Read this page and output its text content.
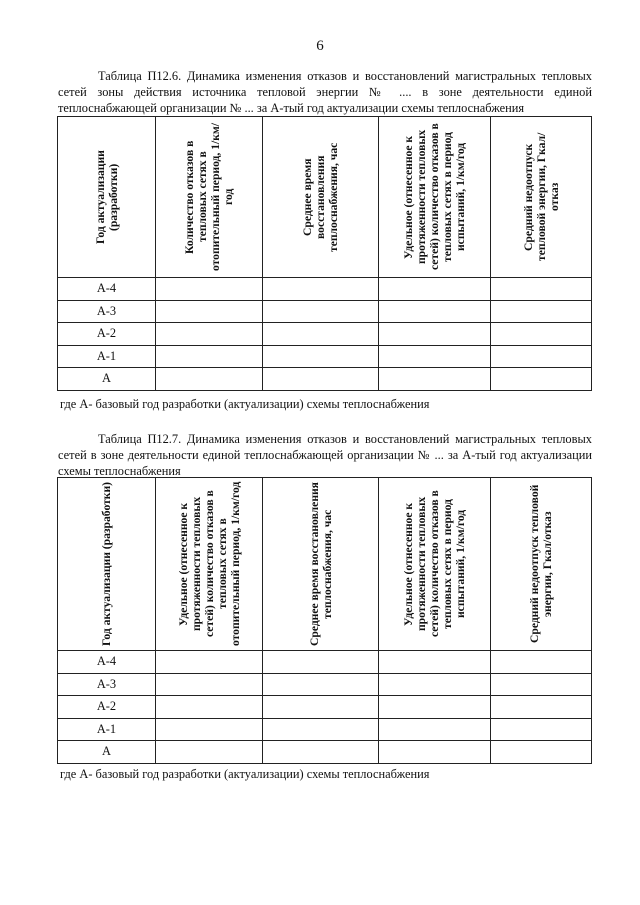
6
Таблица П12.6. Динамика изменения отказов и восстановлений магистральных тепловых сетей зоны действия источника тепловой энергии № .... в зоне деятельности единой теплоснабжающей организации № ... за А-тый год актуализации схемы теплоснабжения
Год актуализации (разработки)	Количество отказов в тепловых сетях в отопительный период, 1/км/год	Среднее время восстановления теплоснабжения, час	Удельное (отнесенное к протяженности тепловых сетей) количество отказов в тепловых сетях в период испытаний, 1/км/год	Средний недоотпуск тепловой энергии, Гкал/отказ

А-4				
А-3				
А-2				
А-1				
А				
где А- базовый год разработки (актуализации) схемы теплоснабжения
Таблица П12.7. Динамика изменения отказов и восстановлений магистральных тепловых сетей в зоне деятельности единой теплоснабжающей организации № ... за А-тый год актуализации схемы теплоснабжения
Год актуализации (разработки)	Удельное (отнесенное к протяженности тепловых сетей) количество отказов в тепловых сетях в отопительный период, 1/км/год	Среднее время восстановления теплоснабжения, час	Удельное (отнесенное к протяженности тепловых сетей) количество отказов в тепловых сетях в период испытаний, 1/км/год	Средний недоотпуск тепловой энергии, Гкал/отказ

А-4				
А-3				
А-2				
А-1				
А				
где А- базовый год разработки (актуализации) схемы теплоснабжения
